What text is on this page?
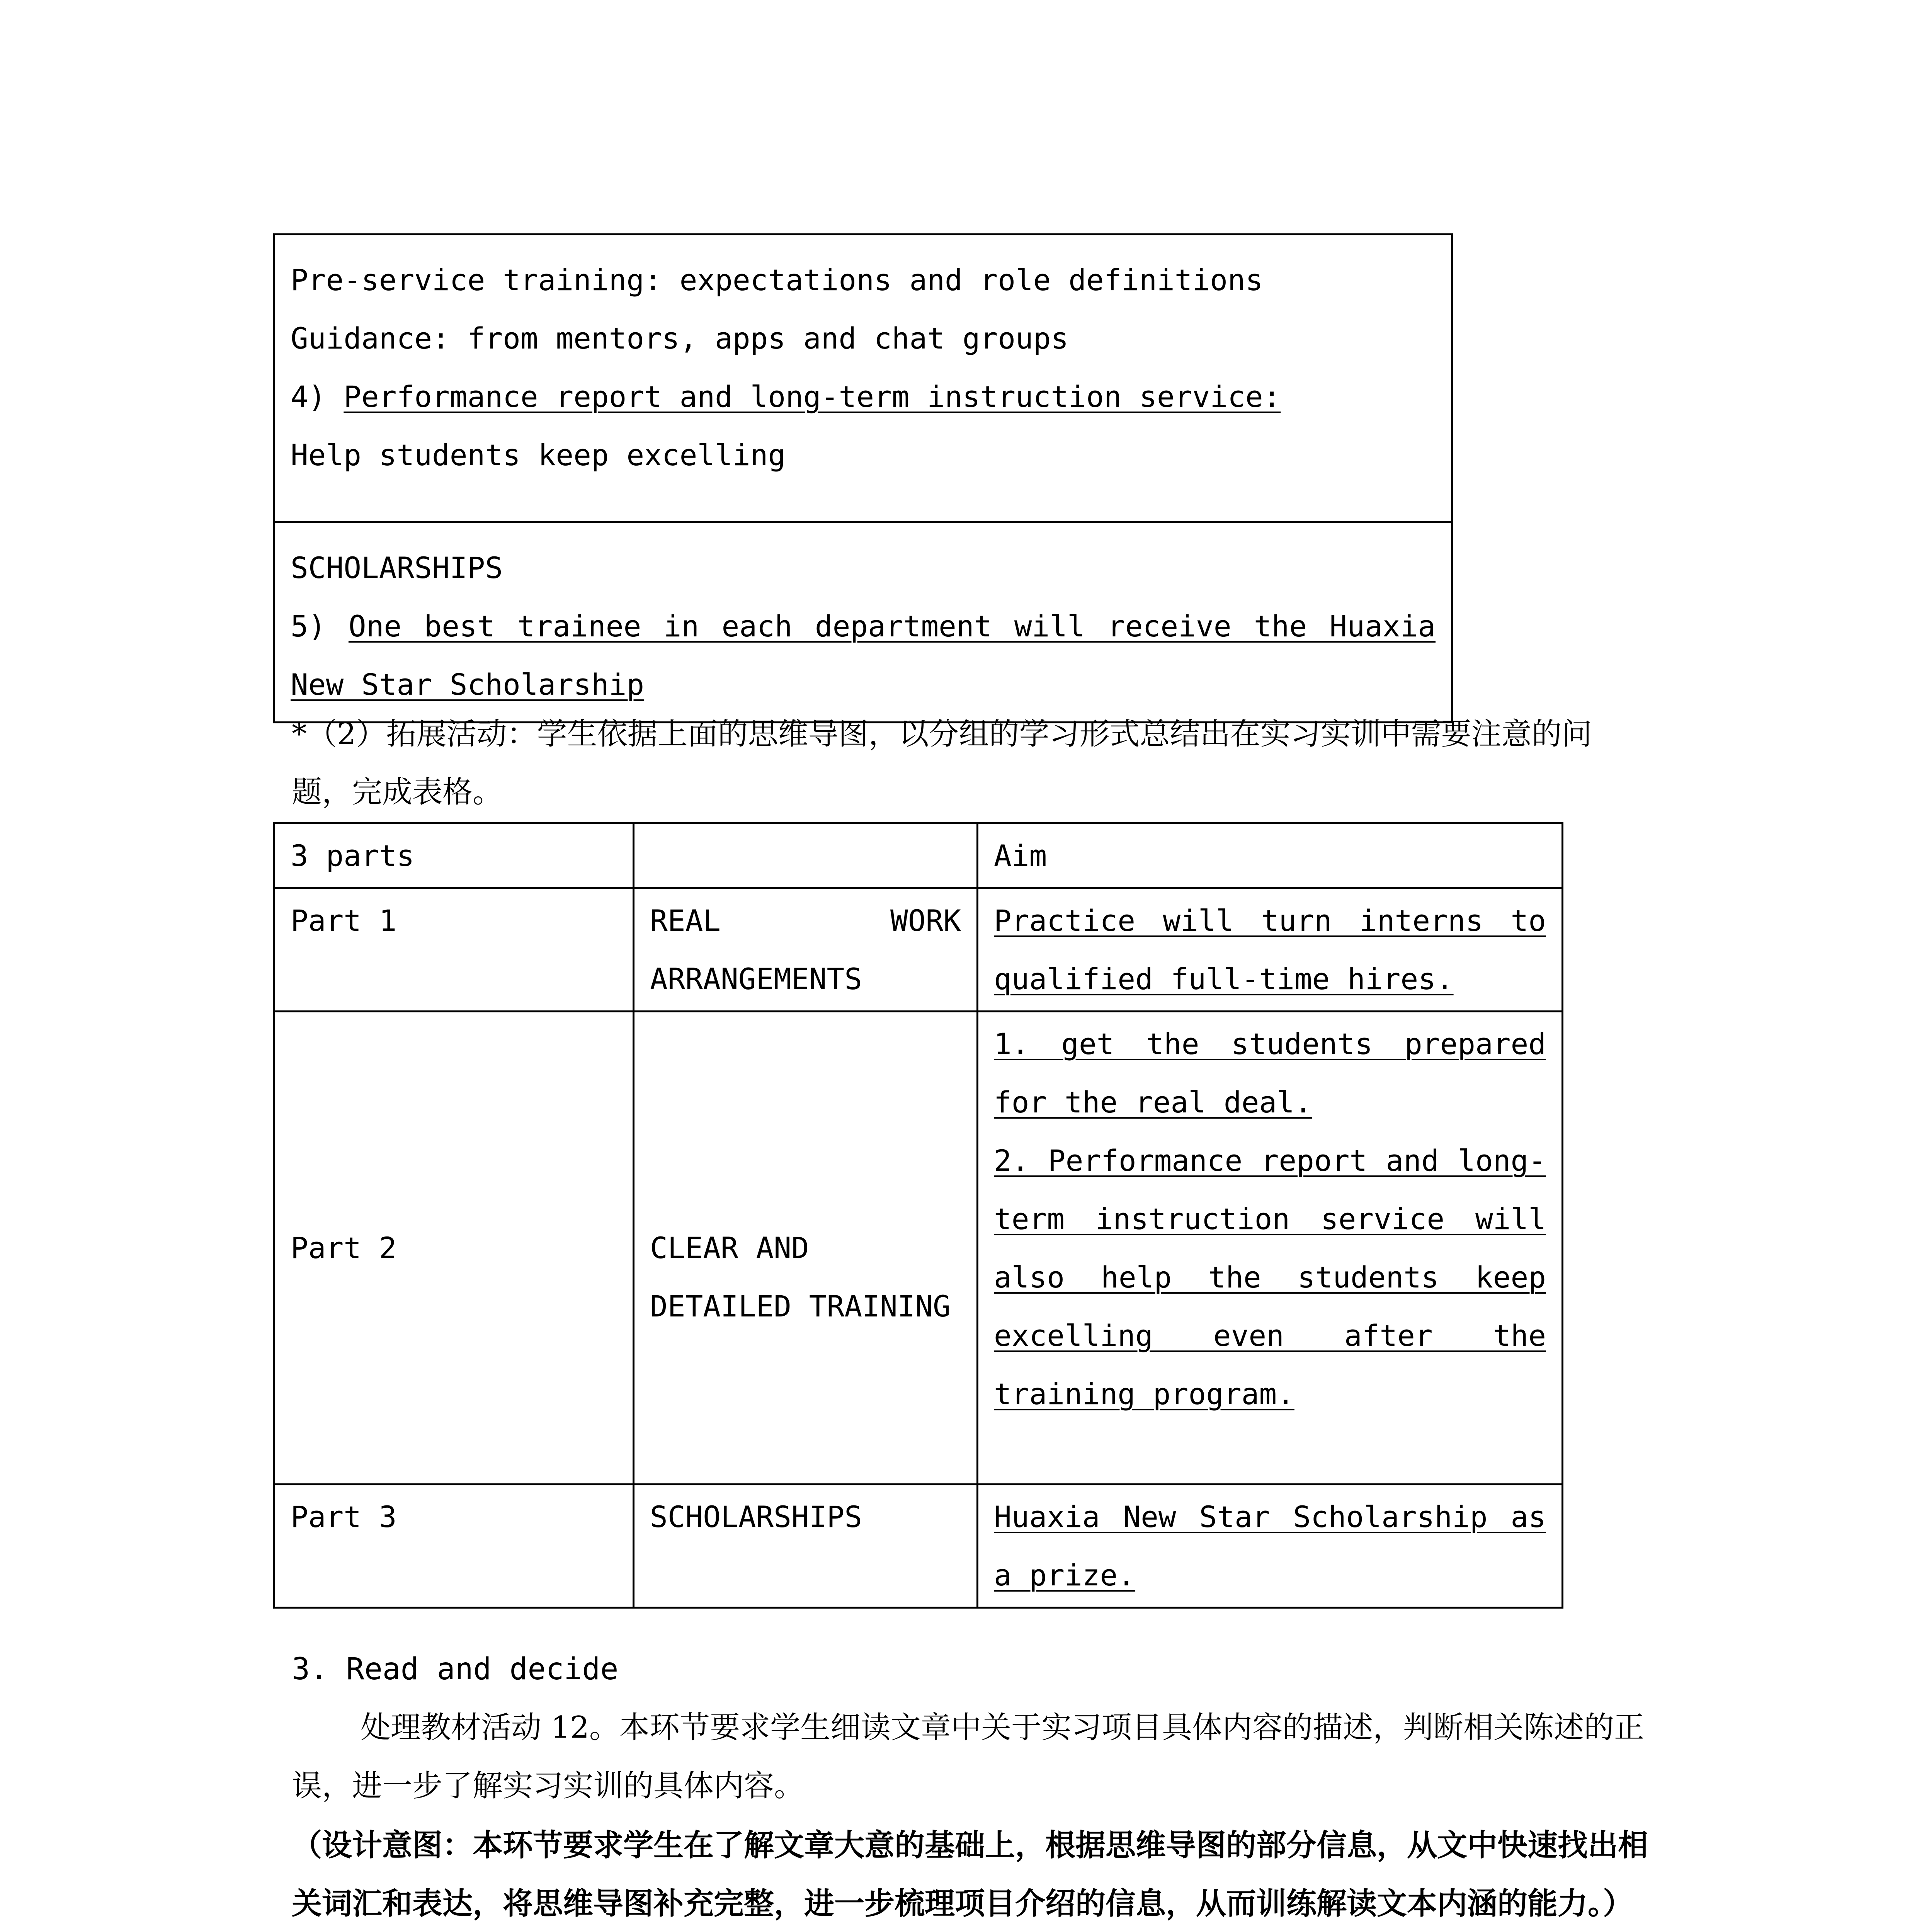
Pre-service training: expectations and role definitions
Guidance: from mentors, apps and chat groups
4) Performance report and long-term instruction service:
Help students keep excelling

SCHOLARSHIPS
5) One best trainee in each department will receive the Huaxia New Star Scholarship
*（2）拓展活动：学生依据上面的思维导图，以分组的学习形式总结出在实习实训中需要注意的问题，完成表格。
3 parts		Aim
Part 1	REAL WORK ARRANGEMENTS	Practice will turn interns to qualified full-time hires.
Part 2	CLEAR AND DETAILED TRAINING	1. get the students prepared for the real deal.
2. Performance report and long-term instruction service will also help the students keep excelling even after the training program.

Part 3	SCHOLARSHIPS	Huaxia New Star Scholarship as a prize.
3. Read and decide
处理教材活动 12。本环节要求学生细读文章中关于实习项目具体内容的描述，判断相关陈述的正误，进一步了解实习实训的具体内容。
（设计意图：本环节要求学生在了解文章大意的基础上，根据思维导图的部分信息，从文中快速找出相关词汇和表达，将思维导图补充完整，进一步梳理项目介绍的信息，从而训练解读文本内涵的能力。）
